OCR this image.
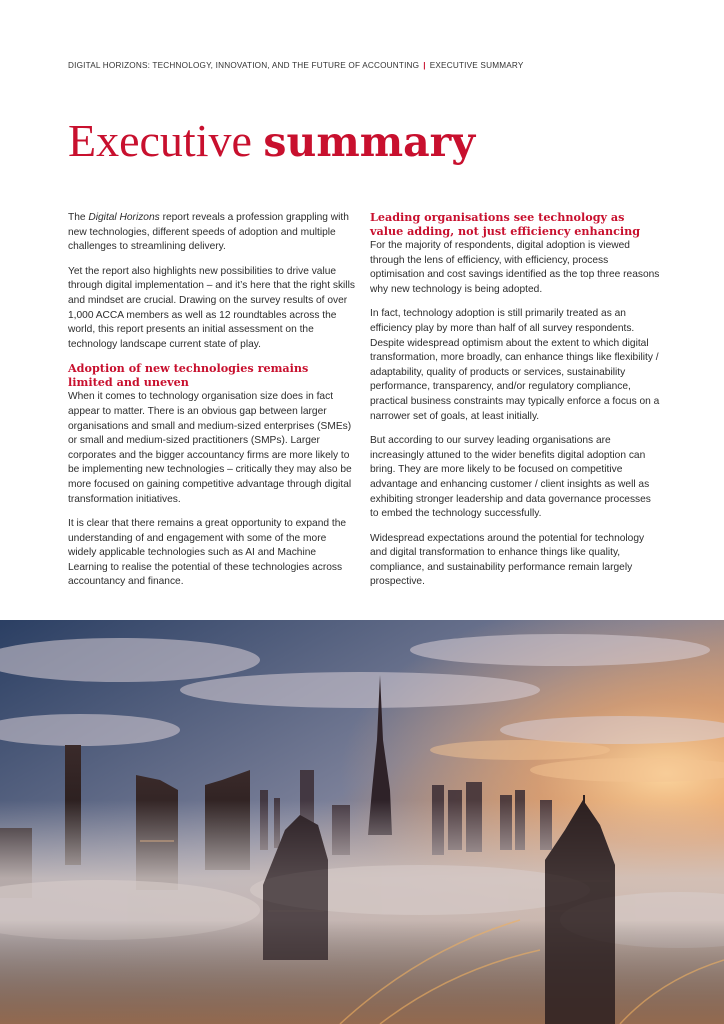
DIGITAL HORIZONS: TECHNOLOGY, INNOVATION, AND THE FUTURE OF ACCOUNTING | EXECUTIVE SUMMARY
Executive summary

The Digital Horizons report reveals a profession grappling with new technologies, different speeds of adoption and multiple challenges to streamlining delivery.

Yet the report also highlights new possibilities to drive value through digital implementation – and it’s here that the right skills and mindset are crucial. Drawing on the survey results of over 1,000 ACCA members as well as 12 roundtables across the world, this report presents an initial assessment on the technology landscape current state of play.

Adoption of new technologies remains limited and uneven

When it comes to technology organisation size does in fact appear to matter. There is an obvious gap between larger organisations and small and medium-sized enterprises (SMEs) or small and medium-sized practitioners (SMPs). Larger corporates and the bigger accountancy firms are more likely to be implementing new technologies – critically they may also be more focused on gaining competitive advantage through digital transformation initiatives.

It is clear that there remains a great opportunity to expand the understanding of and engagement with some of the more widely applicable technologies such as AI and Machine Learning to realise the potential of these technologies across accountancy and finance.

Leading organisations see technology as value adding, not just efficiency enhancing

For the majority of respondents, digital adoption is viewed through the lens of efficiency, with efficiency, process optimisation and cost savings identified as the top three reasons why new technology is being adopted.

In fact, technology adoption is still primarily treated as an efficiency play by more than half of all survey respondents. Despite widespread optimism about the extent to which digital transformation, more broadly, can enhance things like flexibility / adaptability, quality of products or services, sustainability performance, transparency, and/or regulatory compliance, practical business constraints may typically enforce a focus on a narrower set of goals, at least initially.

But according to our survey leading organisations are increasingly attuned to the wider benefits digital adoption can bring. They are more likely to be focused on competitive advantage and enhancing customer / client insights as well as exhibiting stronger leadership and data governance processes to embed the technology successfully.

Widespread expectations around the potential for technology and digital transformation to enhance things like quality, compliance, and sustainability performance remain largely prospective.
